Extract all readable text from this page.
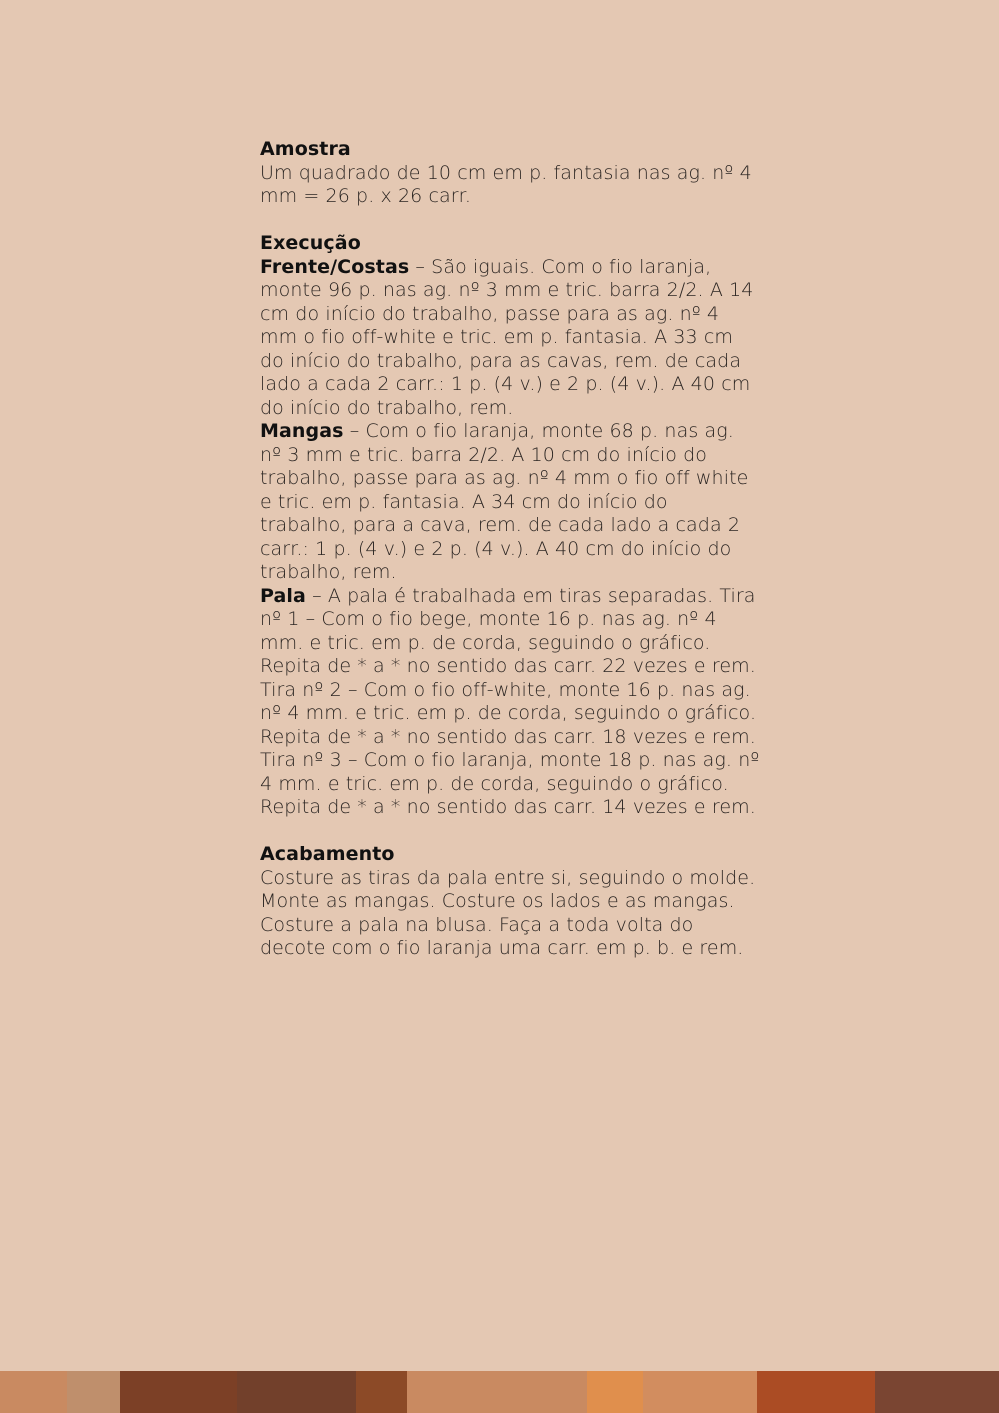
Amostra

Um quadrado de 10 cm em p. fantasia nas ag. nº 4 mm = 26 p. x 26 carr.

Execução

Frente/Costas – São iguais. Com o fio laranja, monte 96 p. nas ag. nº 3 mm e tric. barra 2/2. A 14 cm do início do trabalho, passe para as ag. nº 4 mm o fio off-white e tric. em p. fantasia. A 33 cm do início do trabalho, para as cavas, rem. de cada lado a cada 2 carr.: 1 p. (4 v.) e 2 p. (4 v.). A 40 cm do início do trabalho, rem.

Mangas – Com o fio laranja, monte 68 p. nas ag. nº 3 mm e tric. barra 2/2. A 10 cm do início do trabalho, passe para as ag. nº 4 mm o fio off white e tric. em p. fantasia. A 34 cm do início do trabalho, para a cava, rem. de cada lado a cada 2 carr.: 1 p. (4 v.) e 2 p. (4 v.). A 40 cm do início do trabalho, rem.

Pala – A pala é trabalhada em tiras separadas. Tira nº 1 – Com o fio bege, monte 16 p. nas ag. nº 4 mm. e tric. em p. de corda, seguindo o gráfico. Repita de * a * no sentido das carr. 22 vezes e rem. Tira nº 2 – Com o fio off-white, monte 16 p. nas ag. nº 4 mm. e tric. em p. de corda, seguindo o gráfico. Repita de * a * no sentido das carr. 18 vezes e rem. Tira nº 3 – Com o fio laranja, monte 18 p. nas ag. nº 4 mm. e tric. em p. de corda, seguindo o gráfico. Repita de * a * no sentido das carr. 14 vezes e rem.

Acabamento

Costure as tiras da pala entre si, seguindo o molde. Monte as mangas. Costure os lados e as mangas. Costure a pala na blusa. Faça a toda volta do decote com o fio laranja uma carr. em p. b. e rem.
